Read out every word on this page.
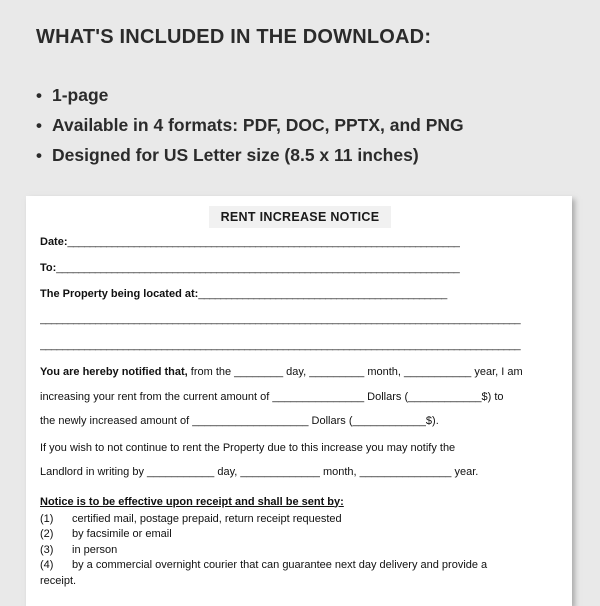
WHAT'S INCLUDED IN THE DOWNLOAD:
• 1-page
• Available in 4 formats: PDF, DOC, PPTX, and PNG
• Designed for US Letter size (8.5 x 11 inches)
RENT INCREASE NOTICE
Date:_______________________________________________________________________
To:_________________________________________________________________________
The Property being located at:_____________________________________________
_______________________________________________________________________________________
_______________________________________________________________________________________
You are hereby notified that, from the ________ day, _________ month, ___________ year, I am
increasing your rent from the current amount of _______________ Dollars (____________$) to
the newly increased amount of ___________________ Dollars (____________$).
If you wish to not continue to rent the Property due to this increase you may notify the
Landlord in writing by ___________ day, _____________ month, _______________ year.
Notice is to be effective upon receipt and shall be sent by:
(1)	certified mail, postage prepaid, return receipt requested
(2)	by facsimile or email
(3)	in person
(4)	by a commercial overnight courier that can guarantee next day delivery and provide a
receipt.
